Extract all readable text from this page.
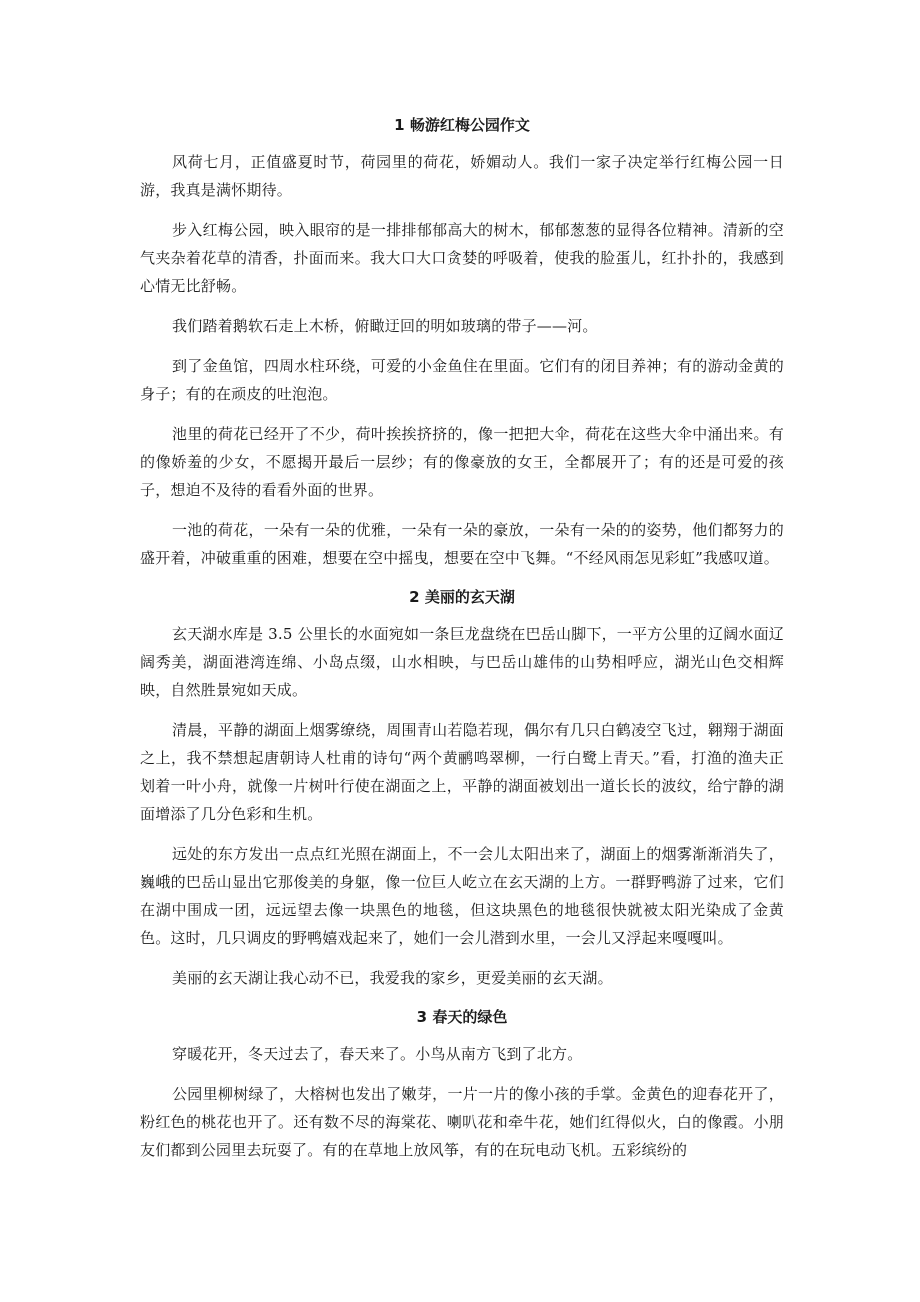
1 畅游红梅公园作文

风荷七月，正值盛夏时节，荷园里的荷花，娇媚动人。我们一家子决定举行红梅公园一日游，我真是满怀期待。

步入红梅公园，映入眼帘的是一排排郁郁高大的树木，郁郁葱葱的显得各位精神。清新的空气夹杂着花草的清香，扑面而来。我大口大口贪婪的呼吸着，使我的脸蛋儿，红扑扑的，我感到心情无比舒畅。

我们踏着鹅软石走上木桥，俯瞰迂回的明如玻璃的带子——河。

到了金鱼馆，四周水柱环绕，可爱的小金鱼住在里面。它们有的闭目养神；有的游动金黄的身子；有的在顽皮的吐泡泡。

池里的荷花已经开了不少，荷叶挨挨挤挤的，像一把把大伞，荷花在这些大伞中涌出来。有的像娇羞的少女，不愿揭开最后一层纱；有的像豪放的女王，全都展开了；有的还是可爱的孩子，想迫不及待的看看外面的世界。

一池的荷花，一朵有一朵的优雅，一朵有一朵的豪放，一朵有一朵的的姿势，他们都努力的盛开着，冲破重重的困难，想要在空中摇曳，想要在空中飞舞。“不经风雨怎见彩虹”我感叹道。

2 美丽的玄天湖

玄天湖水库是 3.5 公里长的水面宛如一条巨龙盘绕在巴岳山脚下，一平方公里的辽阔水面辽阔秀美，湖面港湾连绵、小岛点缀，山水相映，与巴岳山雄伟的山势相呼应，湖光山色交相辉映，自然胜景宛如天成。

清晨，平静的湖面上烟雾缭绕，周围青山若隐若现，偶尔有几只白鹤凌空飞过，翱翔于湖面之上，我不禁想起唐朝诗人杜甫的诗句“两个黄鹂鸣翠柳，一行白鹭上青天。”看，打渔的渔夫正划着一叶小舟，就像一片树叶行使在湖面之上，平静的湖面被划出一道长长的波纹，给宁静的湖面增添了几分色彩和生机。

远处的东方发出一点点红光照在湖面上，不一会儿太阳出来了，湖面上的烟雾渐渐消失了，巍峨的巴岳山显出它那俊美的身躯，像一位巨人屹立在玄天湖的上方。一群野鸭游了过来，它们在湖中围成一团，远远望去像一块黑色的地毯，但这块黑色的地毯很快就被太阳光染成了金黄色。这时，几只调皮的野鸭嬉戏起来了，她们一会儿潜到水里，一会儿又浮起来嘎嘎叫。

美丽的玄天湖让我心动不已，我爱我的家乡，更爱美丽的玄天湖。

3 春天的绿色

穿暖花开，冬天过去了，春天来了。小鸟从南方飞到了北方。

公园里柳树绿了，大榕树也发出了嫩芽，一片一片的像小孩的手掌。金黄色的迎春花开了，粉红色的桃花也开了。还有数不尽的海棠花、喇叭花和牵牛花，她们红得似火，白的像霞。小朋友们都到公园里去玩耍了。有的在草地上放风筝，有的在玩电动飞机。五彩缤纷的
